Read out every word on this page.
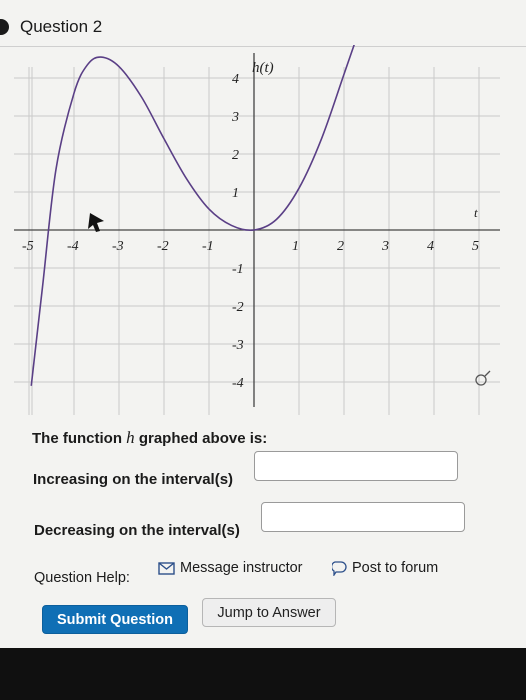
Question 2
-5 -4 -3 -2 -1	1	2	3	4	5
4
3
2
1
-1
-2
-3
-4
h(t)
t
The function h graphed above is:
Increasing on the interval(s)
Decreasing on the interval(s)
Question Help:
Message instructor	Post to forum
Submit Question	Jump to Answer
